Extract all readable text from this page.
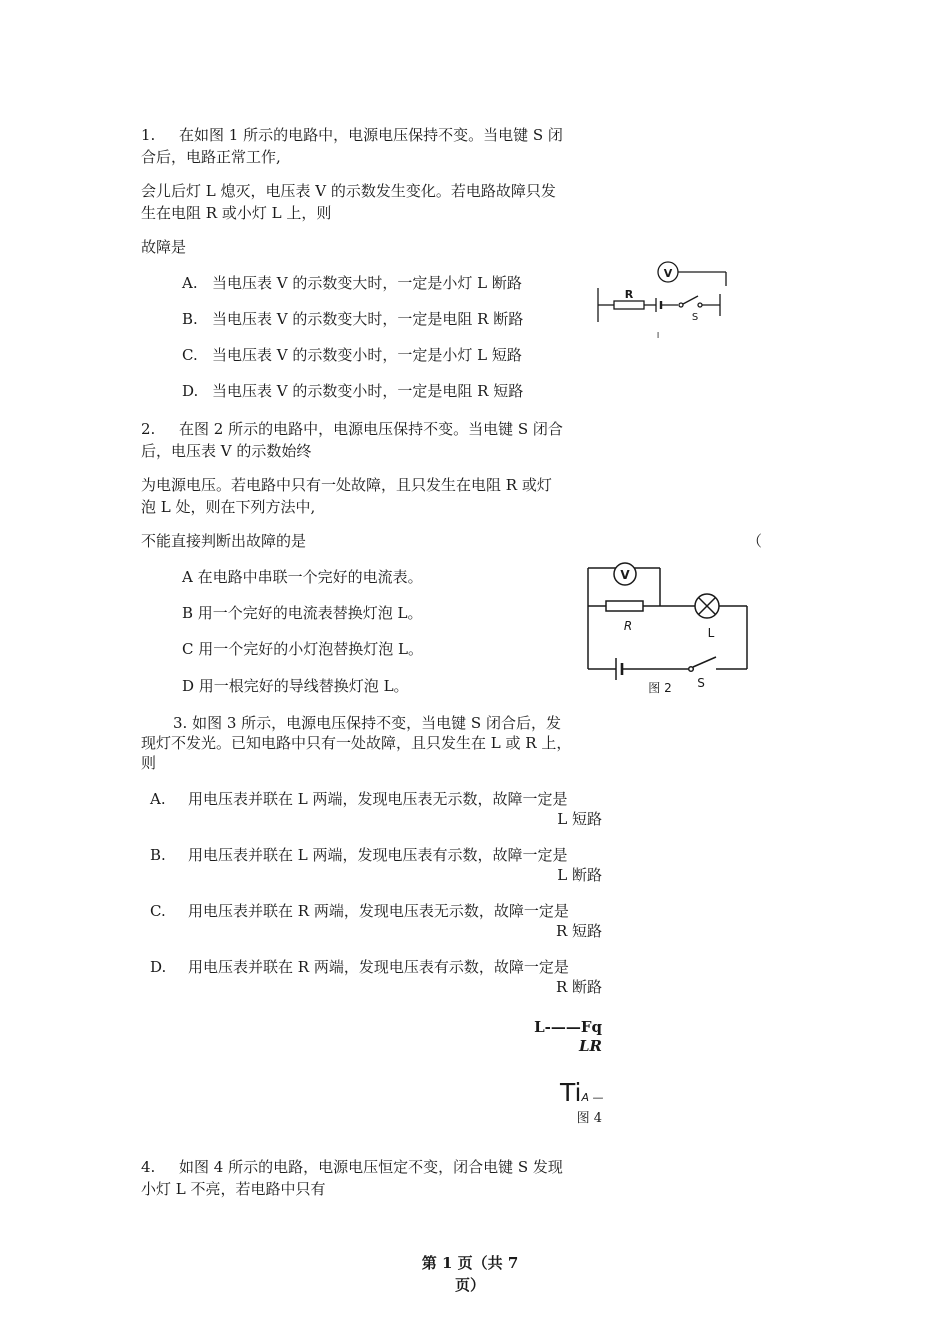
1. 在如图 1 所示的电路中，电源电压保持不变。当电键 S 闭
合后，电路正常工作,
会儿后灯 L 熄灭，电压表 V 的示数发生变化。若电路故障只发
生在电阻 R 或小灯 L 上，则
故障是
A. 当电压表 V 的示数变大时，一定是小灯 L 断路
B. 当电压表 V 的示数变大时，一定是电阻 R 断路
C. 当电压表 V 的示数变小时，一定是小灯 L 短路
D. 当电压表 V 的示数变小时，一定是电阻 R 短路
V
R
S
I
2. 在图 2 所示的电路中，电源电压保持不变。当电键 S 闭合
后，电压表 V 的示数始终
为电源电压。若电路中只有一处故障，且只发生在电阻 R 或灯
泡 L 处，则在下列方法中,
不能直接判断出故障的是	（
A 在电路中串联一个完好的电流表。
B 用一个完好的电流表替换灯泡 L。
C 用一个完好的小灯泡替换灯泡 L。
D 用一根完好的导线替换灯泡 L。
V
R	L
图 2 S
3. 如图 3 所示，电源电压保持不变，当电键 S 闭合后，发
现灯不发光。已知电路中只有一处故障，且只发生在 L 或 R 上，
则
A. 用电压表并联在 L 两端，发现电压表无示数，故障一定是
L 短路
B. 用电压表并联在 L 两端，发现电压表有示数，故障一定是
L 断路
C. 用电压表并联在 R 两端，发现电压表无示数，故障一定是
R 短路
D. 用电压表并联在 R 两端，发现电压表有示数，故障一定是
R 断路
L-——Fq
LR
TiA —
图 4
4. 如图 4 所示的电路，电源电压恒定不变，闭合电键 S 发现
小灯 L 不亮，若电路中只有
第 1 页（共 7
页）
